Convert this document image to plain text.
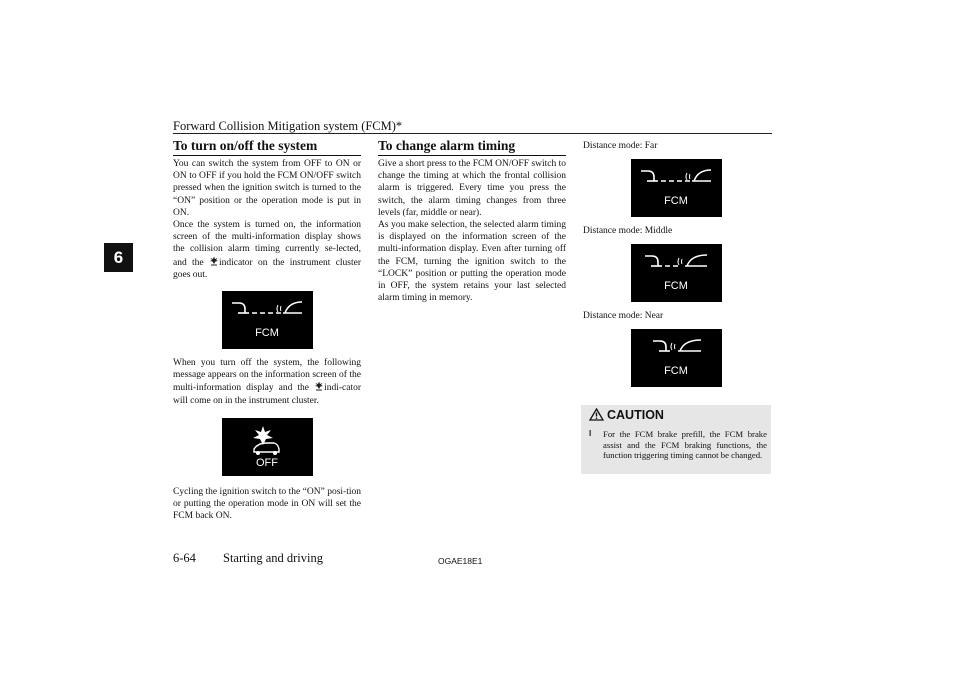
Forward Collision Mitigation system (FCM)*
6
To turn on/off the system

You can switch the system from OFF to ON or ON to OFF if you hold the FCM ON/OFF switch pressed when the ignition switch is turned to the “ON” position or the operation mode is put in ON.

Once the system is turned on, the information screen of the multi-information display shows the collision alarm timing currently se-lected, and the indicator on the instrument cluster goes out.

FCM

When you turn off the system, the following message appears on the information screen of the multi-information display and the indi-cator will come on in the instrument cluster.

OFF

Cycling the ignition switch to the “ON” posi-tion or putting the operation mode in ON will set the FCM back ON.

To change alarm timing

Give a short press to the FCM ON/OFF switch to change the timing at which the frontal collision alarm is triggered. Every time you press the switch, the alarm timing changes from three levels (far, middle or near).

As you make selection, the selected alarm timing is displayed on the information screen of the multi-information display. Even after turning off the FCM, turning the ignition switch to the “LOCK” position or putting the operation mode in OFF, the system retains your last selected alarm timing in memory.

Distance mode: Far
FCM
Distance mode: Middle
FCM
Distance mode: Near
FCM
CAUTION
l For the FCM brake prefill, the FCM brake assist and the FCM braking functions, the function triggering timing cannot be changed.
6-64 Starting and driving	OGAE18E1
